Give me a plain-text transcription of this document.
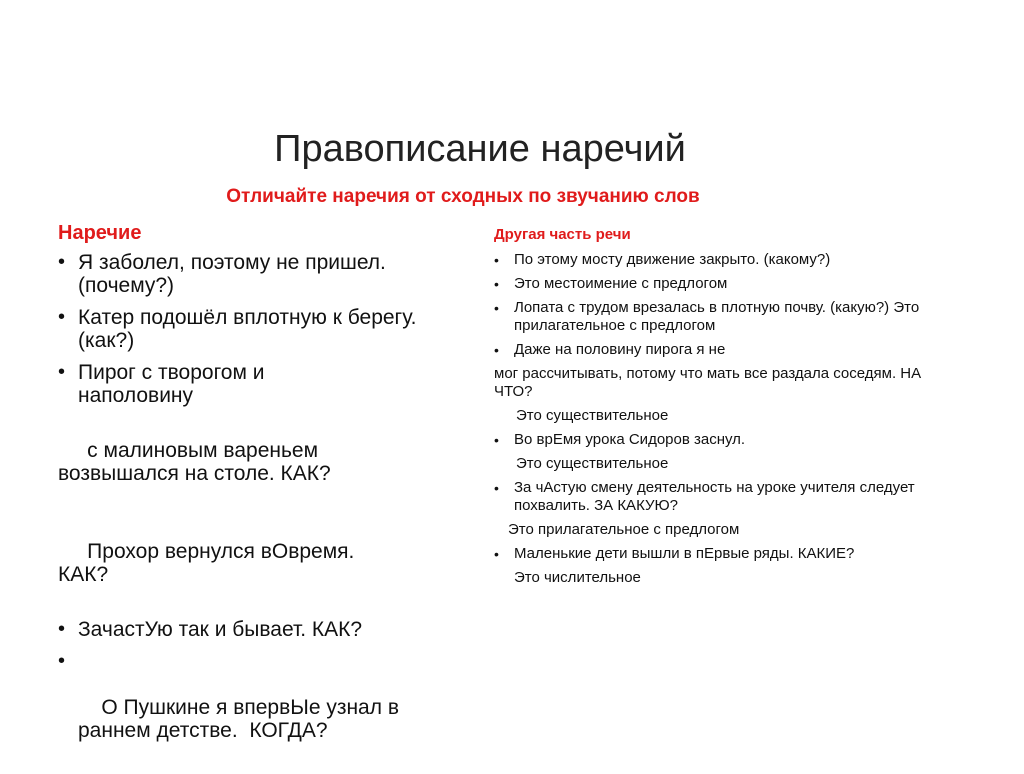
Правописание наречий
Отличайте наречия от сходных по звучанию слов
Наречие
• Я заболел, поэтому не пришел. (почему?)
• Катер подошёл вплотную к берегу. (как?)
• Пирог с творогом и наполовину

с малиновым вареньем возвышался на столе. КАК?

Прохор вернулся вОвремя. КАК?

• ЗачастУю так и бывает. КАК?

•

О Пушкине я впервЫе узнал в раннем детстве.  КОГДА?

Другая часть речи
• По этому мосту движение закрыто. (какому?)
• Это местоимение с предлогом
• Лопата с трудом врезалась в плотную почву. (какую?) Это прилагательное с предлогом
• Даже на половину пирога я не
мог рассчитывать, потому что мать все раздала соседям. НА ЧТО?
Это существительное
• Во врЕмя урока Сидоров заснул.
Это существительное
• За чАстую смену деятельность на уроке учителя следует похвалить. ЗА КАКУЮ?
Это прилагательное с предлогом
• Маленькие дети вышли в пЕрвые ряды. КАКИЕ?
Это числительное
